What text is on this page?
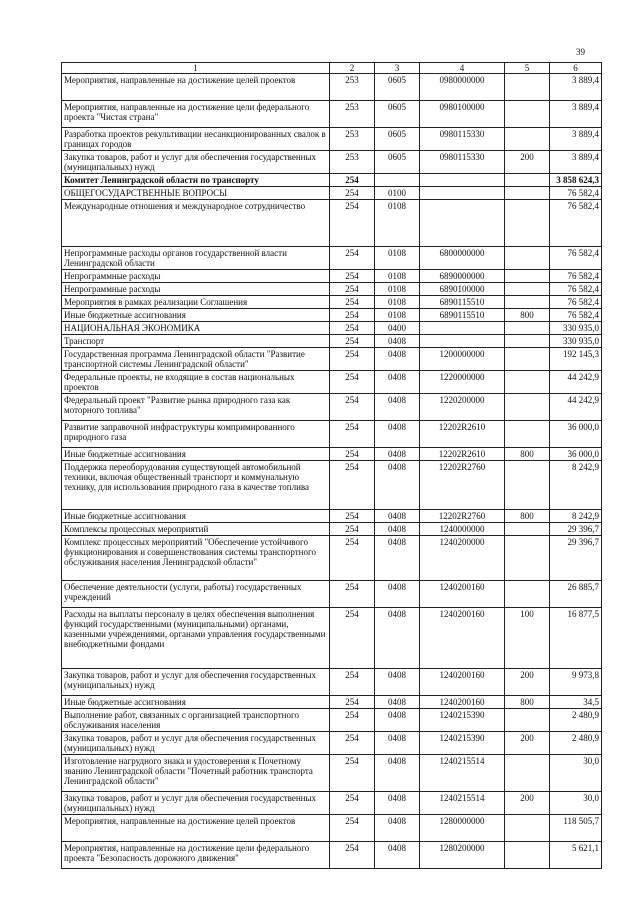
39
1	2	3	4	5	6
Мероприятия, направленные на достижение целей проектов	253	0605	0980000000		3 889,4
Мероприятия, направленные на достижение цели федерального проекта "Чистая страна"	253	0605	0980100000		3 889,4
Разработка проектов рекультивации несанкционированных свалок в границах городов	253	0605	0980115330		3 889,4
Закупка товаров, работ и услуг для обеспечения государственных (муниципальных) нужд	253	0605	0980115330	200	3 889,4
Комитет Ленинградской области по транспорту	254				3 858 624,3
ОБЩЕГОСУДАРСТВЕННЫЕ ВОПРОСЫ	254	0100			76 582,4
Международные отношения и международное сотрудничество	254	0108			76 582,4
Непрограммные расходы органов государственной власти Ленинградской области	254	0108	6800000000		76 582,4
Непрограммные расходы	254	0108	6890000000		76 582,4
Непрограммные расходы	254	0108	6890100000		76 582,4
Мероприятия в рамках реализации Соглашения	254	0108	6890115510		76 582,4
Иные бюджетные ассигнования	254	0108	6890115510	800	76 582,4
НАЦИОНАЛЬНАЯ ЭКОНОМИКА	254	0400			330 935,0
Транспорт	254	0408			330 935,0
Государственная программа Ленинградской области "Развитие транспортной системы Ленинградской области"	254	0408	1200000000		192 145,3
Федеральные проекты, не входящие в состав национальных проектов	254	0408	1220000000		44 242,9
Федеральный проект "Развитие рынка природного газа как моторного топлива"	254	0408	1220200000		44 242,9
Развитие заправочной инфраструктуры компримированного природного газа	254	0408	12202R2610		36 000,0
Иные бюджетные ассигнования	254	0408	12202R2610	800	36 000,0
Поддержка переоборудования существующей автомобильной техники, включая общественный транспорт и коммунальную технику, для использования природного газа в качестве топлива	254	0408	12202R2760		8 242,9
Иные бюджетные ассигнования	254	0408	12202R2760	800	8 242,9
Комплексы процессных мероприятий	254	0408	1240000000		29 396,7
Комплекс процессных мероприятий "Обеспечение устойчивого функционирования и совершенствования системы транспортного обслуживания населения Ленинградской области"	254	0408	1240200000		29 396,7
Обеспечение деятельности (услуги, работы) государственных учреждений	254	0408	1240200160		26 885,7
Расходы на выплаты персоналу в целях обеспечения выполнения функций государственными (муниципальными) органами, казенными учреждениями, органами управления государственными внебюджетными фондами	254	0408	1240200160	100	16 877,5
Закупка товаров, работ и услуг для обеспечения государственных (муниципальных) нужд	254	0408	1240200160	200	9 973,8
Иные бюджетные ассигнования	254	0408	1240200160	800	34,5
Выполнение работ, связанных с организацией транспортного обслуживания населения	254	0408	1240215390		2 480,9
Закупка товаров, работ и услуг для обеспечения государственных (муниципальных) нужд	254	0408	1240215390	200	2 480,9
Изготовление нагрудного знака и удостоверения к Почетному званию Ленинградской области "Почетный работник транспорта Ленинградской области"	254	0408	1240215514		30,0
Закупка товаров, работ и услуг для обеспечения государственных (муниципальных) нужд	254	0408	1240215514	200	30,0
Мероприятия, направленные на достижение целей проектов	254	0408	1280000000		118 505,7
Мероприятия, направленные на достижение цели федерального проекта "Безопасность дорожного движения"	254	0408	1280200000		5 621,1
